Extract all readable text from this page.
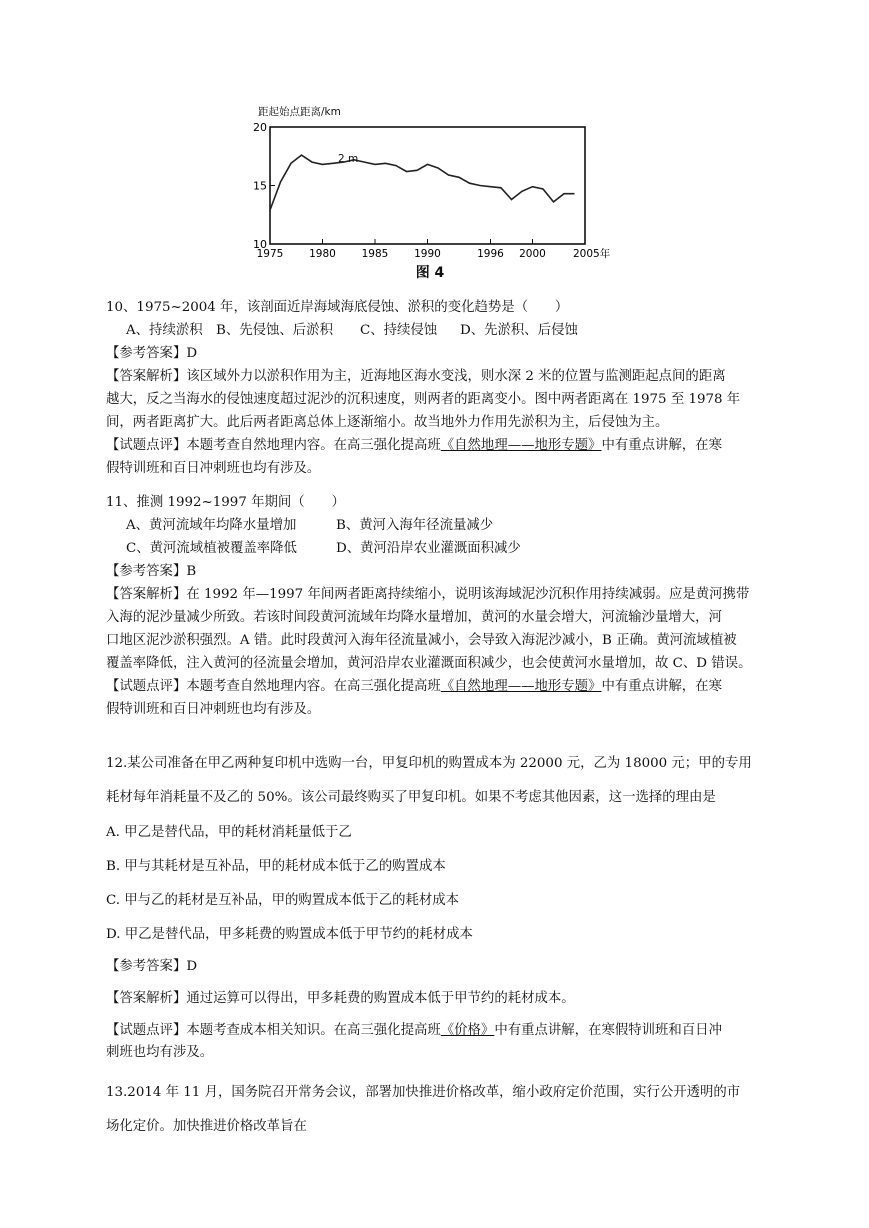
距起始点距离/km
20
15
10
1975 1980 1985 1990	1996 2000	2005年
2 m
图 4
10、1975~2004 年，该剖面近岸海域海底侵蚀、淤积的变化趋势是（　　）
A、持续淤积 B、先侵蚀、后淤积 C、持续侵蚀 D、先淤积、后侵蚀
【参考答案】D
【答案解析】该区域外力以淤积作用为主，近海地区海水变浅，则水深 2 米的位置与监测距起点间的距离
越大，反之当海水的侵蚀速度超过泥沙的沉积速度，则两者的距离变小。图中两者距离在 1975 至 1978 年
间，两者距离扩大。此后两者距离总体上逐渐缩小。故当地外力作用先淤积为主，后侵蚀为主。
【试题点评】本题考查自然地理内容。在高三强化提高班《自然地理——地形专题》中有重点讲解，在寒
假特训班和百日冲刺班也均有涉及。
11、推测 1992~1997 年期间（　　）
A、黄河流域年均降水量增加	B、黄河入海年径流量减少
C、黄河流域植被覆盖率降低	D、黄河沿岸农业灌溉面积减少
【参考答案】B
【答案解析】在 1992 年—1997 年间两者距离持续缩小，说明该海域泥沙沉积作用持续减弱。应是黄河携带
入海的泥沙量减少所致。若该时间段黄河流域年均降水量增加，黄河的水量会增大，河流输沙量增大，河
口地区泥沙淤积强烈。A 错。此时段黄河入海年径流量减小，会导致入海泥沙减小，B 正确。黄河流域植被
覆盖率降低，注入黄河的径流量会增加，黄河沿岸农业灌溉面积减少，也会使黄河水量增加，故 C、D 错误。
【试题点评】本题考查自然地理内容。在高三强化提高班《自然地理——地形专题》中有重点讲解，在寒
假特训班和百日冲刺班也均有涉及。
12.某公司准备在甲乙两种复印机中选购一台，甲复印机的购置成本为 22000 元，乙为 18000 元；甲的专用
耗材每年消耗量不及乙的 50%。该公司最终购买了甲复印机。如果不考虑其他因素，这一选择的理由是
A. 甲乙是替代品，甲的耗材消耗量低于乙
B. 甲与其耗材是互补品，甲的耗材成本低于乙的购置成本
C. 甲与乙的耗材是互补品，甲的购置成本低于乙的耗材成本
D. 甲乙是替代品，甲多耗费的购置成本低于甲节约的耗材成本
【参考答案】D
【答案解析】通过运算可以得出，甲多耗费的购置成本低于甲节约的耗材成本。
【试题点评】本题考查成本相关知识。在高三强化提高班《价格》中有重点讲解，在寒假特训班和百日冲
刺班也均有涉及。
13.2014 年 11 月，国务院召开常务会议，部署加快推进价格改革，缩小政府定价范围，实行公开透明的市
场化定价。加快推进价格改革旨在
